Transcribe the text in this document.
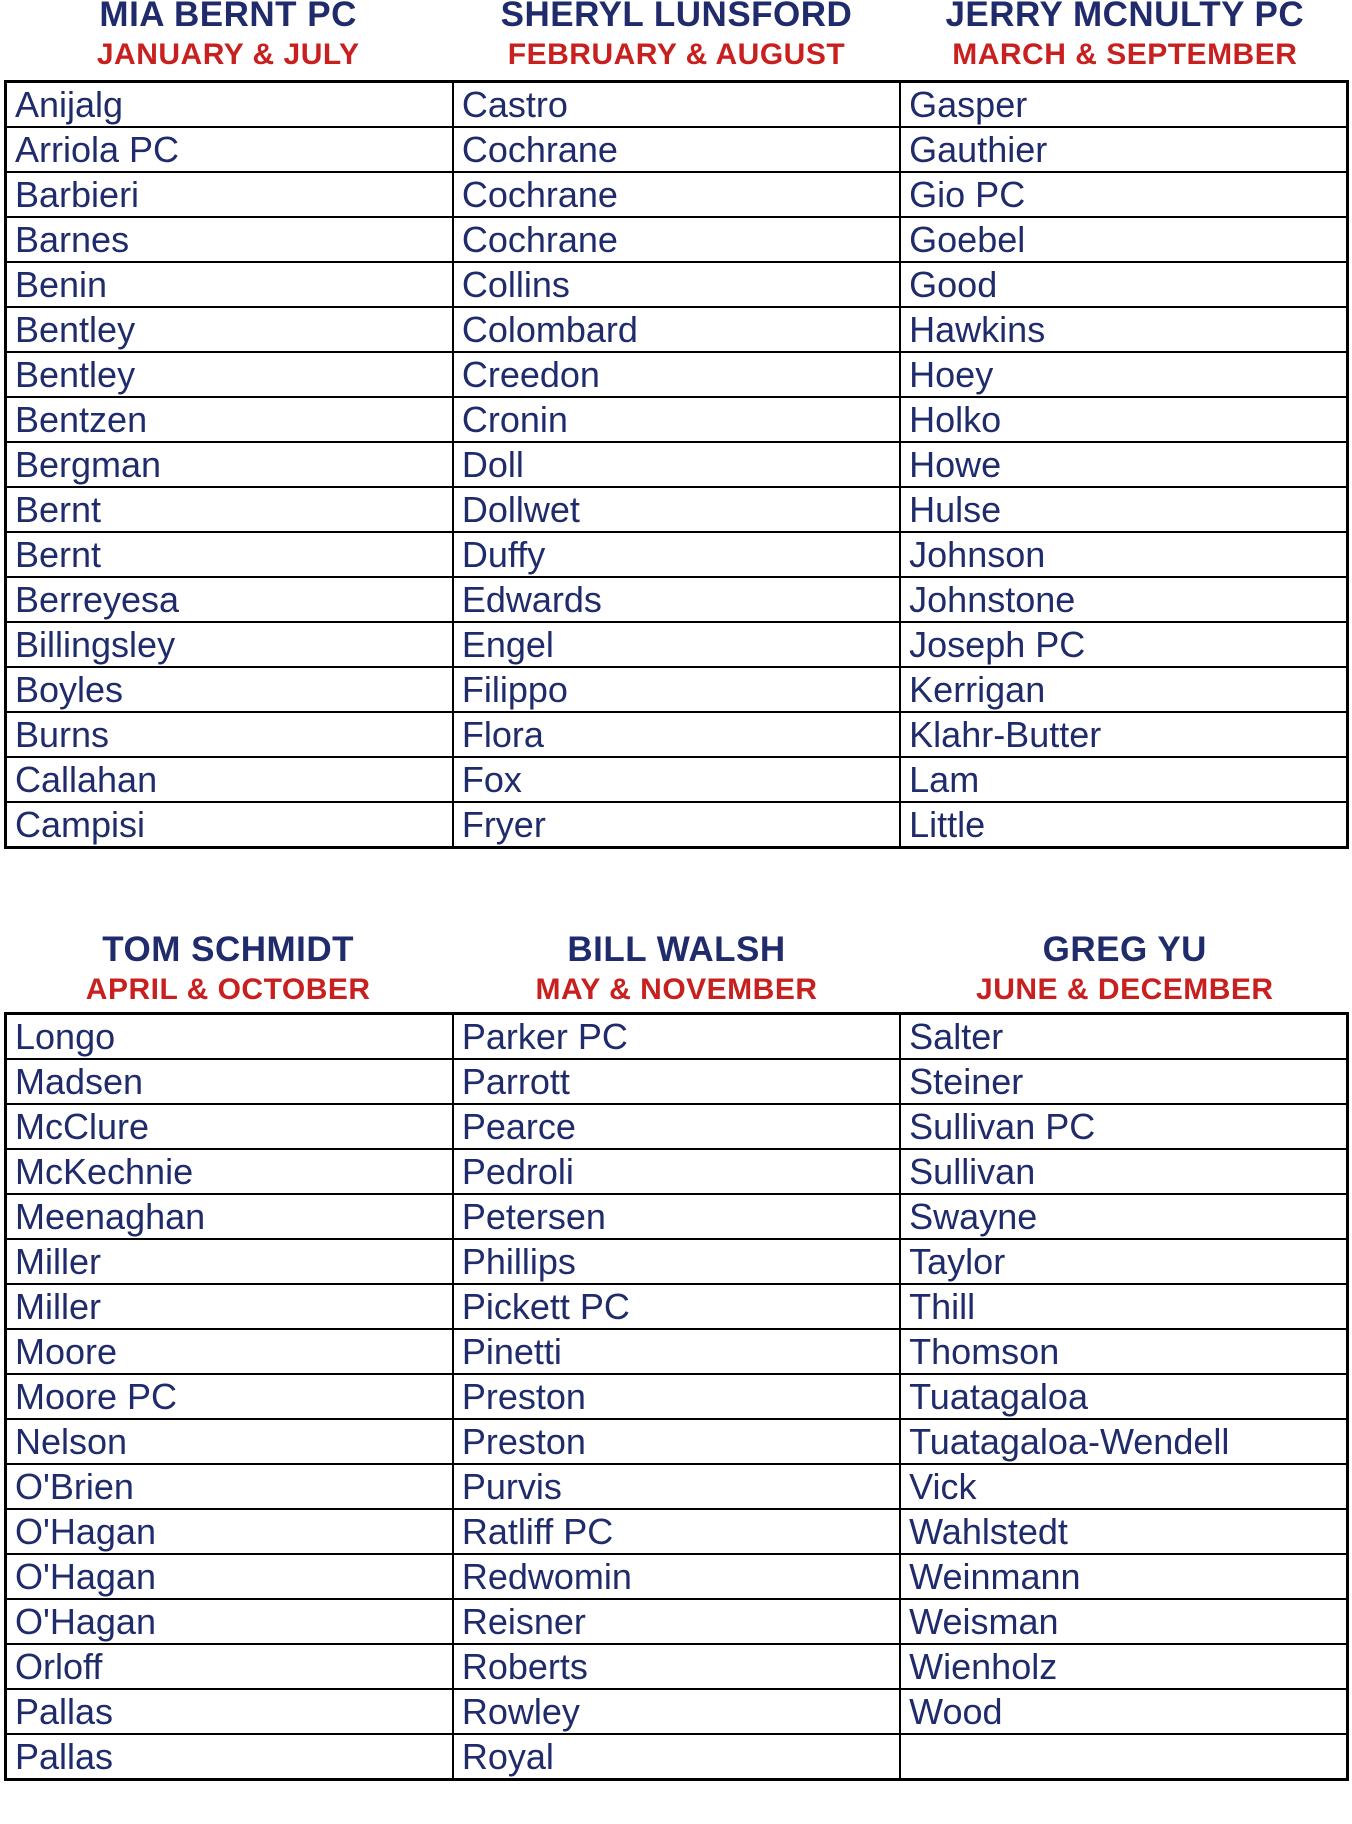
MIA BERNT PC
JANUARY & JULY
SHERYL LUNSFORD
FEBRUARY & AUGUST
JERRY MCNULTY PC
MARCH & SEPTEMBER
Anijalg	Castro	Gasper
Arriola PC	Cochrane	Gauthier
Barbieri	Cochrane	Gio PC
Barnes	Cochrane	Goebel
Benin	Collins	Good
Bentley	Colombard	Hawkins
Bentley	Creedon	Hoey
Bentzen	Cronin	Holko
Bergman	Doll	Howe
Bernt	Dollwet	Hulse
Bernt	Duffy	Johnson
Berreyesa	Edwards	Johnstone
Billingsley	Engel	Joseph PC
Boyles	Filippo	Kerrigan
Burns	Flora	Klahr-Butter
Callahan	Fox	Lam
Campisi	Fryer	Little
TOM SCHMIDT
APRIL & OCTOBER
BILL WALSH
MAY & NOVEMBER
GREG YU
JUNE & DECEMBER
Longo	Parker PC	Salter
Madsen	Parrott	Steiner
McClure	Pearce	Sullivan PC
McKechnie	Pedroli	Sullivan
Meenaghan	Petersen	Swayne
Miller	Phillips	Taylor
Miller	Pickett PC	Thill
Moore	Pinetti	Thomson
Moore PC	Preston	Tuatagaloa
Nelson	Preston	Tuatagaloa-Wendell
O'Brien	Purvis	Vick
O'Hagan	Ratliff PC	Wahlstedt
O'Hagan	Redwomin	Weinmann
O'Hagan	Reisner	Weisman
Orloff	Roberts	Wienholz
Pallas	Rowley	Wood
Pallas	Royal	
